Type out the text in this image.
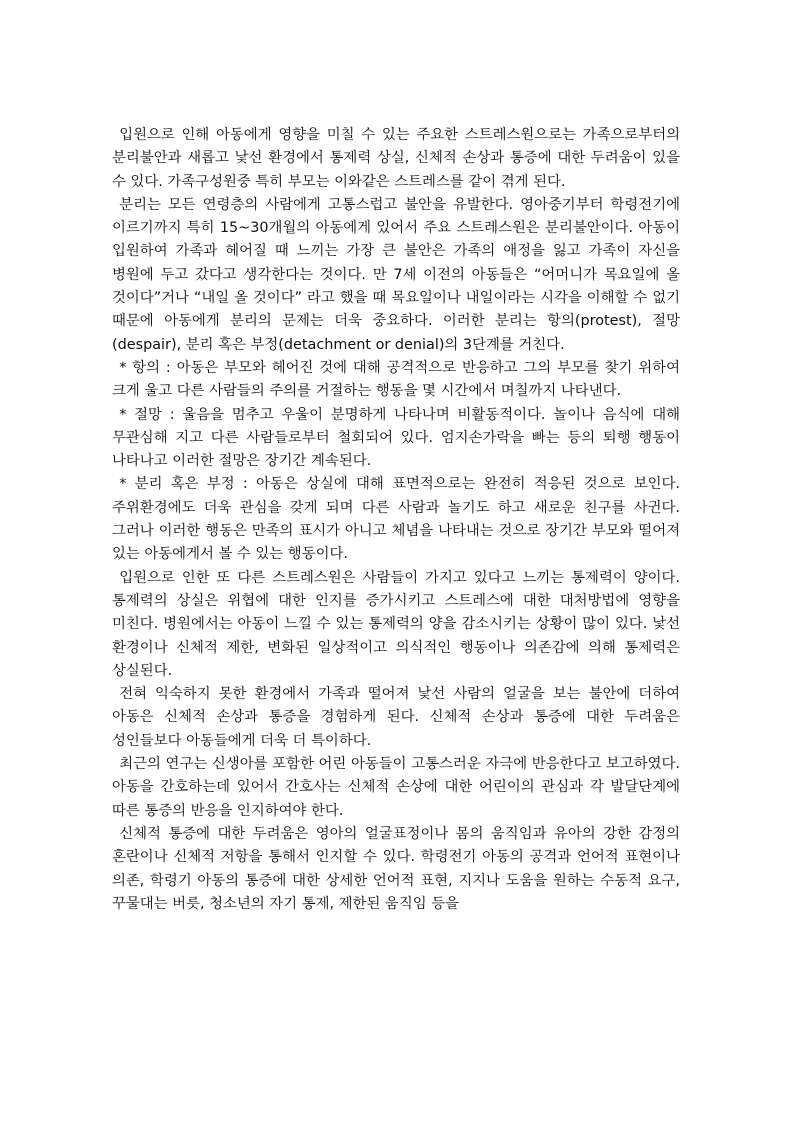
입원으로 인해 아동에게 영향을 미칠 수 있는 주요한 스트레스원으로는 가족으로부터의 분리불안과 새롭고 낯선 환경에서 통제력 상실, 신체적 손상과 통증에 대한 두려움이 있을 수 있다. 가족구성원중 특히 부모는 이와같은 스트레스를 같이 겪게 된다.

분리는 모든 연령층의 사람에게 고통스럽고 불안을 유발한다. 영아중기부터 학령전기에 이르기까지 특히 15~30개월의 아동에게 있어서 주요 스트레스원은 분리불안이다. 아동이 입원하여 가족과 헤어질 때 느끼는 가장 큰 불안은 가족의 애정을 잃고 가족이 자신을 병원에 두고 갔다고 생각한다는 것이다. 만 7세 이전의 아동들은 “어머니가 목요일에 올 것이다”거나 “내일 올 것이다” 라고 했을 때 목요일이나 내일이라는 시각을 이해할 수 없기 때문에 아동에게 분리의 문제는 더욱 중요하다. 이러한 분리는 항의(protest), 절망(despair), 분리 혹은 부정(detachment or denial)의 3단계를 거친다.

* 항의 : 아동은 부모와 헤어진 것에 대해 공격적으로 반응하고 그의 부모를 찾기 위하여 크게 울고 다른 사람들의 주의를 거절하는 행동을 몇 시간에서 며칠까지 나타낸다.

* 절망 : 울음을 멈추고 우울이 분명하게 나타나며 비활동적이다. 놀이나 음식에 대해 무관심해 지고 다른 사람들로부터 철회되어 있다. 엄지손가락을 빠는 등의 퇴행 행동이 나타나고 이러한 절망은 장기간 계속된다.

* 분리 혹은 부정 : 아동은 상실에 대해 표면적으로는 완전히 적응된 것으로 보인다. 주위환경에도 더욱 관심을 갖게 되며 다른 사람과 놀기도 하고 새로운 친구를 사귄다. 그러나 이러한 행동은 만족의 표시가 아니고 체념을 나타내는 것으로 장기간 부모와 떨어져 있는 아동에게서 볼 수 있는 행동이다.

입원으로 인한 또 다른 스트레스원은 사람들이 가지고 있다고 느끼는 통제력이 양이다. 통제력의 상실은 위협에 대한 인지를 증가시키고 스트레스에 대한 대처방법에 영향을 미친다. 병원에서는 아동이 느낄 수 있는 통제력의 양을 감소시키는 상황이 많이 있다. 낯선 환경이나 신체적 제한, 변화된 일상적이고 의식적인 행동이나 의존감에 의해 통제력은 상실된다.

전혀 익숙하지 못한 환경에서 가족과 떨어져 낯선 사람의 얼굴을 보는 불안에 더하여 아동은 신체적 손상과 통증을 경험하게 된다. 신체적 손상과 통증에 대한 두려움은 성인들보다 아동들에게 더욱 더 특이하다.

최근의 연구는 신생아를 포함한 어린 아동들이 고통스러운 자극에 반응한다고 보고하였다. 아동을 간호하는데 있어서 간호사는 신체적 손상에 대한 어린이의 관심과 각 발달단계에 따른 통증의 반응을 인지하여야 한다.

신체적 통증에 대한 두려움은 영아의 얼굴표정이나 몸의 움직임과 유아의 강한 감정의 혼란이나 신체적 저항을 통해서 인지할 수 있다. 학령전기 아동의 공격과 언어적 표현이나 의존, 학령기 아동의 통증에 대한 상세한 언어적 표현, 지지나 도움을 원하는 수동적 요구, 꾸물대는 버릇, 청소년의 자기 통제, 제한된 움직임 등을
